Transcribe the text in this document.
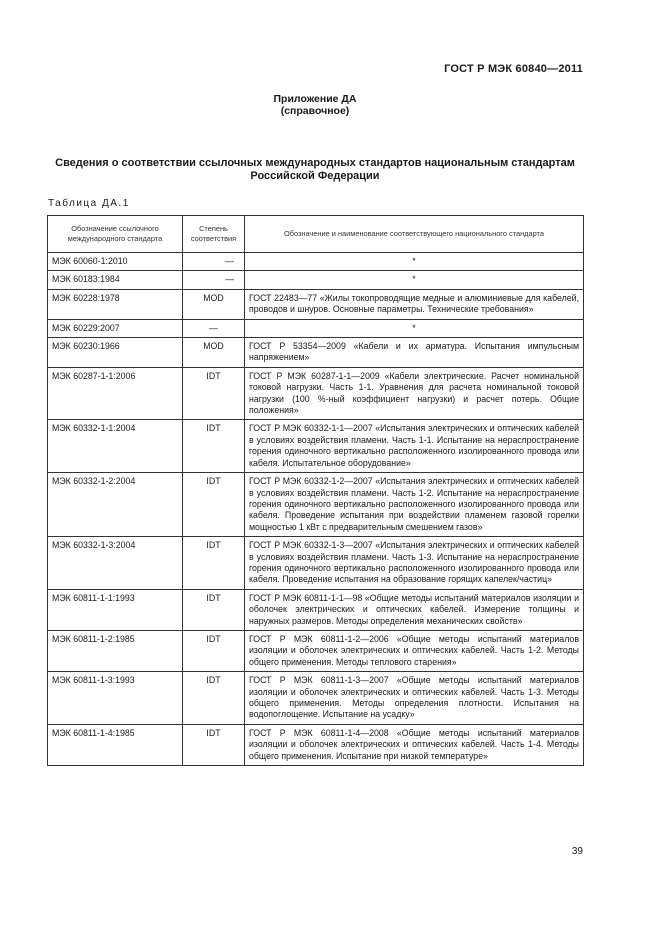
ГОСТ Р МЭК 60840—2011
Приложение ДА
(справочное)
Сведения о соответствии ссылочных международных стандартов национальным стандартам
Российской Федерации
Таблица ДА.1
Обозначение ссылочного международного стандарта	Степень соответствия	Обозначение и наименование соответствующего национального стандарта
МЭК 60060-1:2010	—	*
МЭК 60183:1984	—	*
МЭК 60228:1978	MOD	ГОСТ 22483—77 «Жилы токопроводящие медные и алюминиевые для кабелей, проводов и шнуров. Основные параметры. Технические требования»
МЭК 60229:2007	—	*
МЭК 60230:1966	MOD	ГОСТ Р 53354—2009 «Кабели и их арматура. Испытания импульсным напряжением»
МЭК 60287-1-1:2006	IDT	ГОСТ Р МЭК 60287-1-1—2009 «Кабели электрические. Расчет номинальной токовой нагрузки. Часть 1-1. Уравнения для расчета номинальной токовой нагрузки (100 %-ный коэффициент нагрузки) и расчет потерь. Общие положения»
МЭК 60332-1-1:2004	IDT	ГОСТ Р МЭК 60332-1-1—2007 «Испытания электрических и оптических кабелей в условиях воздействия пламени. Часть 1-1. Испытание на нераспространение горения одиночного вертикально расположенного изолированного провода или кабеля. Испытательное оборудование»
МЭК 60332-1-2:2004	IDT	ГОСТ Р МЭК 60332-1-2—2007 «Испытания электрических и оптических кабелей в условиях воздействия пламени. Часть 1-2. Испытание на нераспространение горения одиночного вертикально расположенного изолированного провода или кабеля. Проведение испытания при воздействии пламенем газовой горелки мощностью 1 кВт с предварительным смешением газов»
МЭК 60332-1-3:2004	IDT	ГОСТ Р МЭК 60332-1-3—2007 «Испытания электрических и оптических кабелей в условиях воздействия пламени. Часть 1-3. Испытание на нераспространение горения одиночного вертикально расположенного изолированного провода или кабеля. Проведение испытания на образование горящих капелек/частиц»
МЭК 60811-1-1:1993	IDT	ГОСТ Р МЭК 60811-1-1—98 «Общие методы испытаний материалов изоляции и оболочек электрических и оптических кабелей. Измерение толщины и наружных размеров. Методы определения механических свойств»
МЭК 60811-1-2:1985	IDT	ГОСТ Р МЭК 60811-1-2—2006 «Общие методы испытаний материалов изоляции и оболочек электрических и оптических кабелей. Часть 1-2. Методы общего применения. Методы теплового старения»
МЭК 60811-1-3:1993	IDT	ГОСТ Р МЭК 60811-1-3—2007 «Общие методы испытаний материалов изоляции и оболочек электрических и оптических кабелей. Часть 1-3. Методы общего применения. Методы определения плотности. Испытания на водопоглощение. Испытание на усадку»
МЭК 60811-1-4:1985	IDT	ГОСТ Р МЭК 60811-1-4—2008 «Общие методы испытаний материалов изоляции и оболочек электрических и оптических кабелей. Часть 1-4. Методы общего применения. Испытание при низкой температуре»
39
